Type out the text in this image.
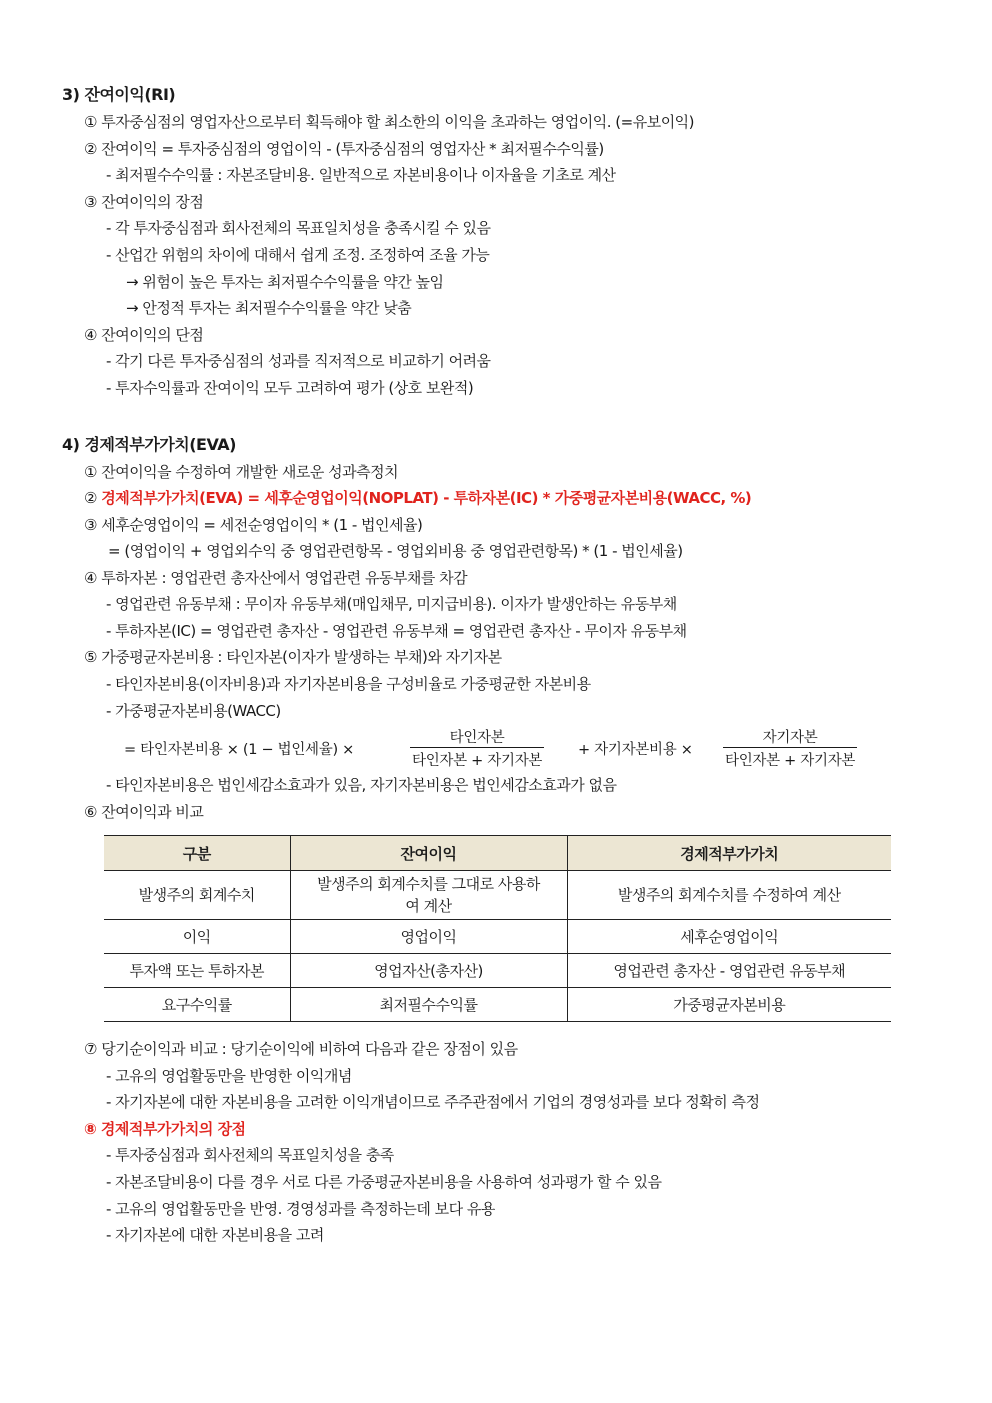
3) 잔여이익(RI)
① 투자중심점의 영업자산으로부터 획득해야 할 최소한의 이익을 초과하는 영업이익. (=유보이익)
② 잔여이익 = 투자중심점의 영업이익 - (투자중심점의 영업자산 * 최저필수수익률)
- 최저필수수익률 : 자본조달비용. 일반적으로 자본비용이나 이자율을 기초로 계산
③ 잔여이익의 장점
- 각 투자중심점과 회사전체의 목표일치성을 충족시킬 수 있음
- 산업간 위험의 차이에 대해서 쉽게 조정. 조정하여 조율 가능
→ 위험이 높은 투자는 최저필수수익률을 약간 높임
→ 안정적 투자는 최저필수수익률을 약간 낮춤
④ 잔여이익의 단점
- 각기 다른 투자중심점의 성과를 직저적으로 비교하기 어려움
- 투자수익률과 잔여이익 모두 고려하여 평가 (상호 보완적)
4) 경제적부가가치(EVA)
① 잔여이익을 수정하여 개발한 새로운 성과측정치
② 경제적부가가치(EVA) = 세후순영업이익(NOPLAT) - 투하자본(IC) * 가중평균자본비용(WACC, %)
③ 세후순영업이익 = 세전순영업이익 * (1 - 법인세율)
= (영업이익 + 영업외수익 중 영업관련항목 - 영업외비용 중 영업관련항목) * (1 - 법인세율)
④ 투하자본 : 영업관련 총자산에서 영업관련 유동부채를 차감
- 영업관련 유동부채 : 무이자 유동부채(매입채무, 미지급비용). 이자가 발생안하는 유동부채
- 투하자본(IC) = 영업관련 총자산 - 영업관련 유동부채 = 영업관련 총자산 - 무이자 유동부채
⑤ 가중평균자본비용 : 타인자본(이자가 발생하는 부채)와 자기자본
- 타인자본비용(이자비용)과 자기자본비용을 구성비율로 가중평균한 자본비용
- 가중평균자본비용(WACC)
= 타인자본비용 × (1 − 법인세율) ×
타인자본
타인자본 + 자기자본
+ 자기자본비용 ×
자기자본
타인자본 + 자기자본
- 타인자본비용은 법인세감소효과가 있음, 자기자본비용은 법인세감소효과가 없음
⑥ 잔여이익과 비교
구분	잔여이익	경제적부가가치
발생주의 회계수치	발생주의 회계수치를 그대로 사용하여 계산	발생주의 회계수치를 수정하여 계산
이익	영업이익	세후순영업이익
투자액 또는 투하자본	영업자산(총자산)	영업관련 총자산 - 영업관련 유동부채
요구수익률	최저필수수익률	가중평균자본비용
⑦ 당기순이익과 비교 : 당기순이익에 비하여 다음과 같은 장점이 있음
- 고유의 영업활동만을 반영한 이익개념
- 자기자본에 대한 자본비용을 고려한 이익개념이므로 주주관점에서 기업의 경영성과를 보다 정확히 측정
⑧ 경제적부가가치의 장점
- 투자중심점과 회사전체의 목표일치성을 충족
- 자본조달비용이 다를 경우 서로 다른 가중평균자본비용을 사용하여 성과평가 할 수 있음
- 고유의 영업활동만을 반영. 경영성과를 측정하는데 보다 유용
- 자기자본에 대한 자본비용을 고려
